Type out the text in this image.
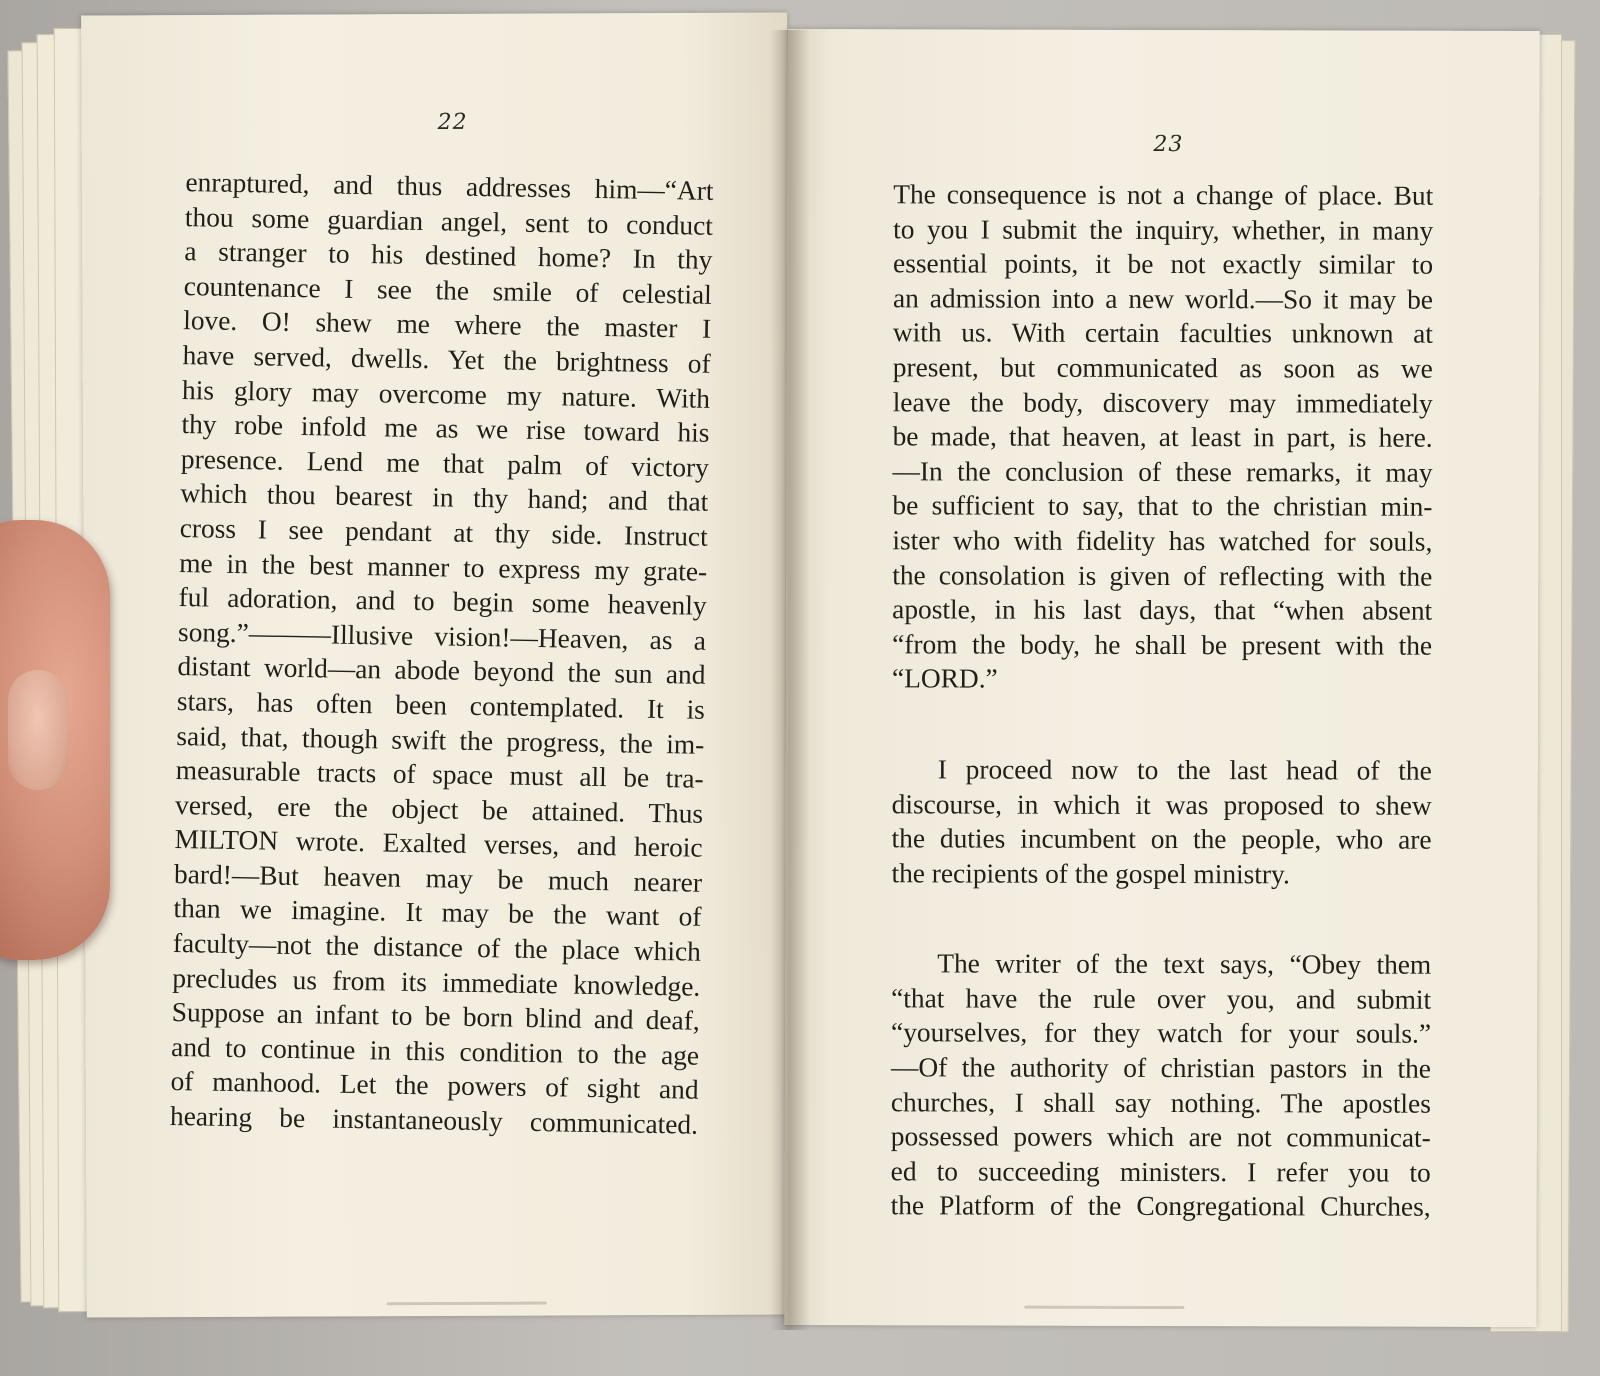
22
enraptured, and thus addresses him—“Art
thou some guardian angel, sent to conduct
a stranger to his destined home? In thy
countenance I see the smile of celestial
love. O! shew me where the master I
have served, dwells. Yet the brightness of
his glory may overcome my nature. With
thy robe infold me as we rise toward his
presence. Lend me that palm of victory
which thou bearest in thy hand; and that
cross I see pendant at thy side. Instruct
me in the best manner to express my grate-
ful adoration, and to begin some heavenly
song.”———Illusive vision!—Heaven, as a
distant world—an abode beyond the sun and
stars, has often been contemplated. It is
said, that, though swift the progress, the im-
measurable tracts of space must all be tra-
versed, ere the object be attained. Thus
MILTON wrote. Exalted verses, and heroic
bard!—But heaven may be much nearer
than we imagine. It may be the want of
faculty—not the distance of the place which
precludes us from its immediate knowledge.
Suppose an infant to be born blind and deaf,
and to continue in this condition to the age
of manhood. Let the powers of sight and
hearing be instantaneously communicated.
23
The consequence is not a change of place. But
to you I submit the inquiry, whether, in many
essential points, it be not exactly similar to
an admission into a new world.—So it may be
with us. With certain faculties unknown at
present, but communicated as soon as we
leave the body, discovery may immediately
be made, that heaven, at least in part, is here.
—In the conclusion of these remarks, it may
be sufficient to say, that to the christian min-
ister who with fidelity has watched for souls,
the consolation is given of reflecting with the
apostle, in his last days, that “when absent
“from the body, he shall be present with the
“LORD.”
I proceed now to the last head of the
discourse, in which it was proposed to shew
the duties incumbent on the people, who are
the recipients of the gospel ministry.
The writer of the text says, “Obey them
“that have the rule over you, and submit
“yourselves, for they watch for your souls.”
—Of the authority of christian pastors in the
churches, I shall say nothing. The apostles
possessed powers which are not communicat-
ed to succeeding ministers. I refer you to
the Platform of the Congregational Churches,
